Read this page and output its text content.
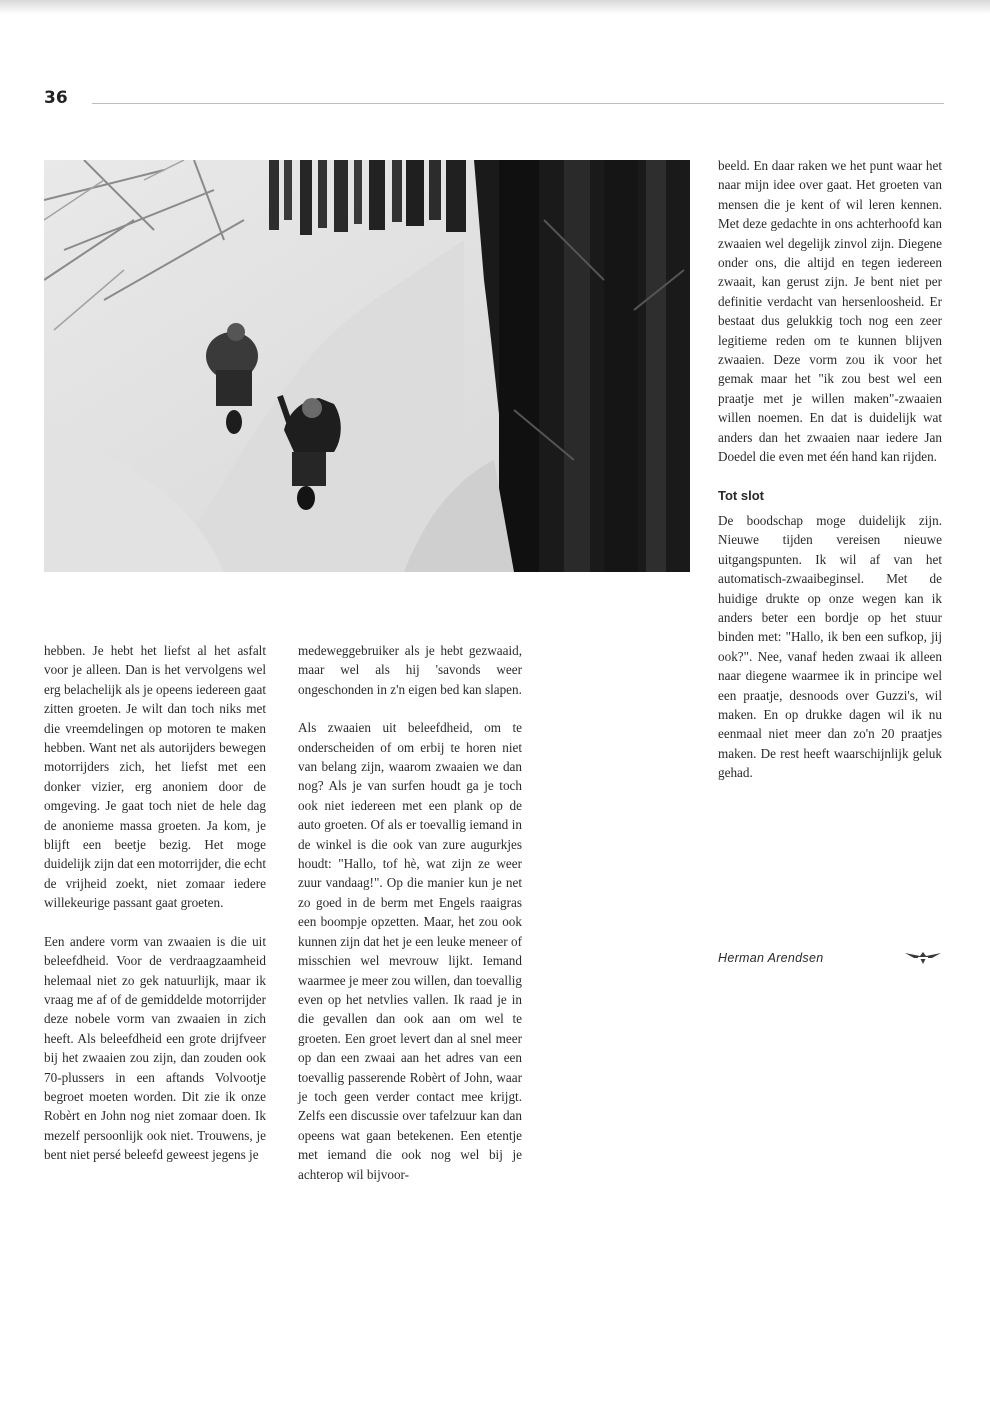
36

hebben. Je hebt het liefst al het asfalt voor je alleen. Dan is het vervolgens wel erg belachelijk als je opeens iedereen gaat zitten groeten. Je wilt dan toch niks met die vreemdelingen op motoren te maken hebben. Want net als autorijders bewegen motorrijders zich, het liefst met een donker vizier, erg anoniem door de omgeving. Je gaat toch niet de hele dag de anonieme massa groeten. Ja kom, je blijft een beetje bezig. Het moge duidelijk zijn dat een motorrijder, die echt de vrijheid zoekt, niet zomaar iedere willekeurige passant gaat groeten.

Een andere vorm van zwaaien is die uit beleefdheid. Voor de verdraagzaamheid helemaal niet zo gek natuurlijk, maar ik vraag me af of de gemiddelde motorrijder deze nobele vorm van zwaaien in zich heeft. Als beleefdheid een grote drijfveer bij het zwaaien zou zijn, dan zouden ook 70-plussers in een aftands Volvootje begroet moeten worden. Dit zie ik onze Robèrt en John nog niet zomaar doen. Ik mezelf persoonlijk ook niet. Trouwens, je bent niet persé beleefd geweest jegens je

medeweggebruiker als je hebt gezwaaid, maar wel als hij 'savonds weer ongeschonden in z'n eigen bed kan slapen.

Als zwaaien uit beleefdheid, om te onderscheiden of om erbij te horen niet van belang zijn, waarom zwaaien we dan nog? Als je van surfen houdt ga je toch ook niet iedereen met een plank op de auto groeten. Of als er toevallig iemand in de winkel is die ook van zure augurkjes houdt: "Hallo, tof hè, wat zijn ze weer zuur vandaag!". Op die manier kun je net zo goed in de berm met Engels raaigras een boompje opzetten. Maar, het zou ook kunnen zijn dat het je een leuke meneer of misschien wel mevrouw lijkt. Iemand waarmee je meer zou willen, dan toevallig even op het netvlies vallen. Ik raad je in die gevallen dan ook aan om wel te groeten. Een groet levert dan al snel meer op dan een zwaai aan het adres van een toevallig passerende Robèrt of John, waar je toch geen verder contact mee krijgt. Zelfs een discussie over tafelzuur kan dan opeens wat gaan betekenen. Een etentje met iemand die ook nog wel bij je achterop wil bijvoor-

beeld. En daar raken we het punt waar het naar mijn idee over gaat. Het groeten van mensen die je kent of wil leren kennen. Met deze gedachte in ons achterhoofd kan zwaaien wel degelijk zinvol zijn. Diegene onder ons, die altijd en tegen iedereen zwaait, kan gerust zijn. Je bent niet per definitie verdacht van hersenloosheid. Er bestaat dus gelukkig toch nog een zeer legitieme reden om te kunnen blijven zwaaien. Deze vorm zou ik voor het gemak maar het "ik zou best wel een praatje met je willen maken"-zwaaien willen noemen. En dat is duidelijk wat anders dan het zwaaien naar iedere Jan Doedel die even met één hand kan rijden.

Tot slot

De boodschap moge duidelijk zijn. Nieuwe tijden vereisen nieuwe uitgangspunten. Ik wil af van het automatisch-zwaaibeginsel. Met de huidige drukte op onze wegen kan ik anders beter een bordje op het stuur binden met: "Hallo, ik ben een sufkop, jij ook?". Nee, vanaf heden zwaai ik alleen naar diegene waarmee ik in principe wel een praatje, desnoods over Guzzi's, wil maken. En op drukke dagen wil ik nu eenmaal niet meer dan zo'n 20 praatjes maken. De rest heeft waarschijnlijk geluk gehad.

Herman Arendsen
